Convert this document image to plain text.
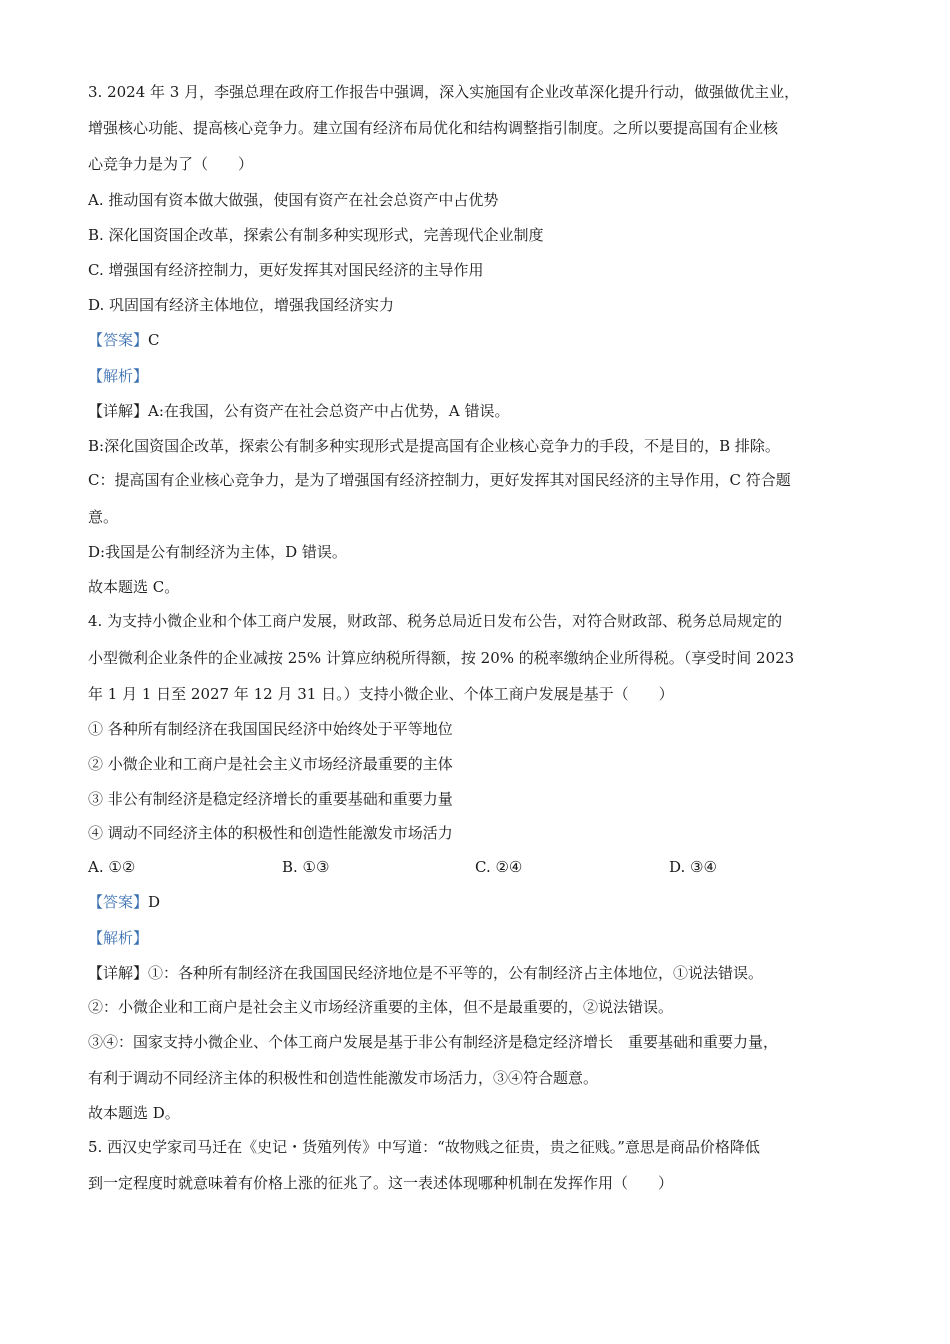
3. 2024 年 3 月，李强总理在政府工作报告中强调，深入实施国有企业改革深化提升行动，做强做优主业，
增强核心功能、提高核心竞争力。建立国有经济布局优化和结构调整指引制度。之所以要提高国有企业核
心竞争力是为了（　　）
A. 推动国有资本做大做强，使国有资产在社会总资产中占优势
B. 深化国资国企改革，探索公有制多种实现形式，完善现代企业制度
C. 增强国有经济控制力，更好发挥其对国民经济的主导作用
D. 巩固国有经济主体地位，增强我国经济实力
【答案】C
【解析】
【详解】A:在我国，公有资产在社会总资产中占优势，A 错误。
B:深化国资国企改革，探索公有制多种实现形式是提高国有企业核心竞争力的手段，不是目的，B 排除。
C：提高国有企业核心竞争力，是为了增强国有经济控制力，更好发挥其对国民经济的主导作用，C 符合题
意。
D:我国是公有制经济为主体，D 错误。
故本题选 C。
4. 为支持小微企业和个体工商户发展，财政部、税务总局近日发布公告，对符合财政部、税务总局规定的
小型微利企业条件的企业减按 25% 计算应纳税所得额，按 20% 的税率缴纳企业所得税。（享受时间 2023
年 1 月 1 日至 2027 年 12 月 31 日。）支持小微企业、个体工商户发展是基于（　　）
① 各种所有制经济在我国国民经济中始终处于平等地位
② 小微企业和工商户是社会主义市场经济最重要的主体
③ 非公有制经济是稳定经济增长的重要基础和重要力量
④ 调动不同经济主体的积极性和创造性能激发市场活力
A. ①②	B. ①③	C. ②④	D. ③④
【答案】D
【解析】
【详解】①：各种所有制经济在我国国民经济地位是不平等的，公有制经济占主体地位，①说法错误。
②：小微企业和工商户是社会主义市场经济重要的主体，但不是最重要的，②说法错误。
③④：国家支持小微企业、个体工商户发展是基于非公有制经济是稳定经济增长　重要基础和重要力量，
有利于调动不同经济主体的积极性和创造性能激发市场活力，③④符合题意。
故本题选 D。
5. 西汉史学家司马迁在《史记・货殖列传》中写道：“故物贱之征贵，贵之征贱。”意思是商品价格降低
到一定程度时就意味着有价格上涨的征兆了。这一表述体现哪种机制在发挥作用（　　）
